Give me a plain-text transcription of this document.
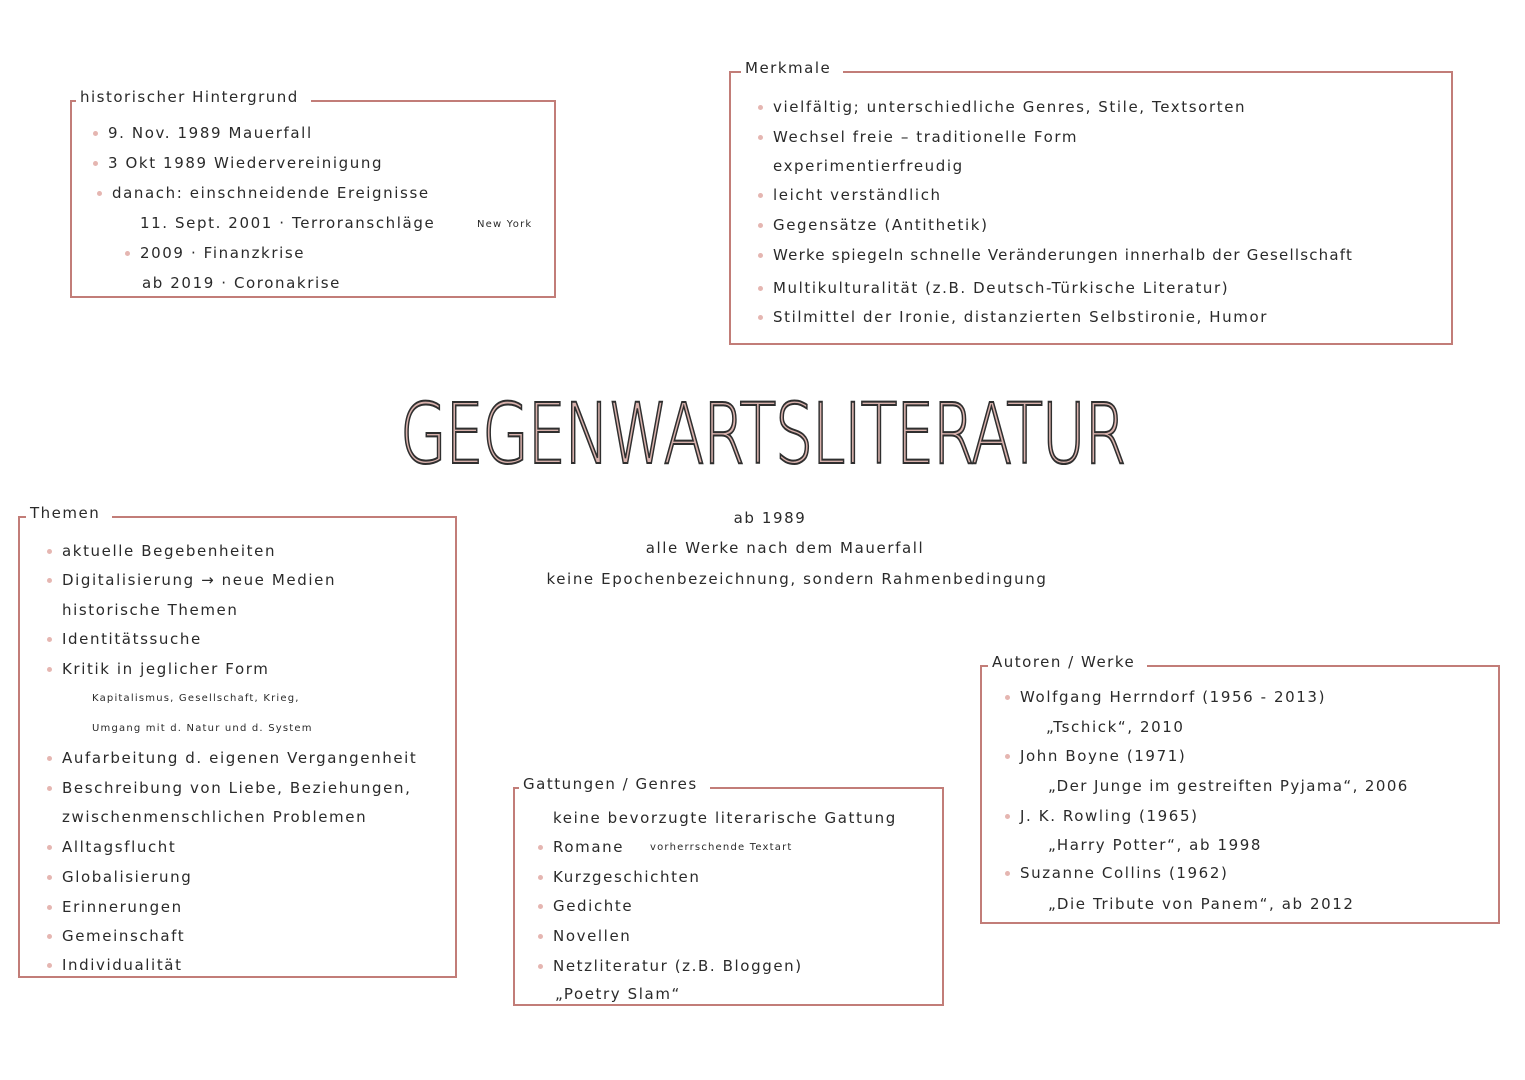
historischer Hintergrund
9. Nov. 1989 Mauerfall
3 Okt 1989 Wiedervereinigung
danach: einschneidende Ereignisse
11. Sept. 2001 · Terroranschläge	New York
2009 · Finanzkrise
ab 2019 · Coronakrise
Merkmale
vielfältig; unterschiedliche Genres, Stile, Textsorten
Wechsel freie – traditionelle Form
experimentierfreudig
leicht verständlich
Gegensätze (Antithetik)
Werke spiegeln schnelle Veränderungen innerhalb der Gesellschaft
Multikulturalität (z.B. Deutsch-Türkische Literatur)
Stilmittel der Ironie, distanzierten Selbstironie, Humor
GEGENWARTSLITERATUR
ab 1989
alle Werke nach dem Mauerfall
keine Epochenbezeichnung, sondern Rahmenbedingung
Themen
aktuelle Begebenheiten
Digitalisierung → neue Medien
historische Themen
Identitätssuche
Kritik in jeglicher Form
Kapitalismus, Gesellschaft, Krieg,
Umgang mit d. Natur und d. System
Aufarbeitung d. eigenen Vergangenheit
Beschreibung von Liebe, Beziehungen,
zwischenmenschlichen Problemen
Alltagsflucht
Globalisierung
Erinnerungen
Gemeinschaft
Individualität
Gattungen / Genres
keine bevorzugte literarische Gattung
Romane	vorherrschende Textart
Kurzgeschichten
Gedichte
Novellen
Netzliteratur (z.B. Bloggen)
„Poetry Slam“
Autoren / Werke
Wolfgang Herrndorf (1956 - 2013)
„Tschick“, 2010
John Boyne (1971)
„Der Junge im gestreiften Pyjama“, 2006
J. K. Rowling (1965)
„Harry Potter“, ab 1998
Suzanne Collins (1962)
„Die Tribute von Panem“, ab 2012
